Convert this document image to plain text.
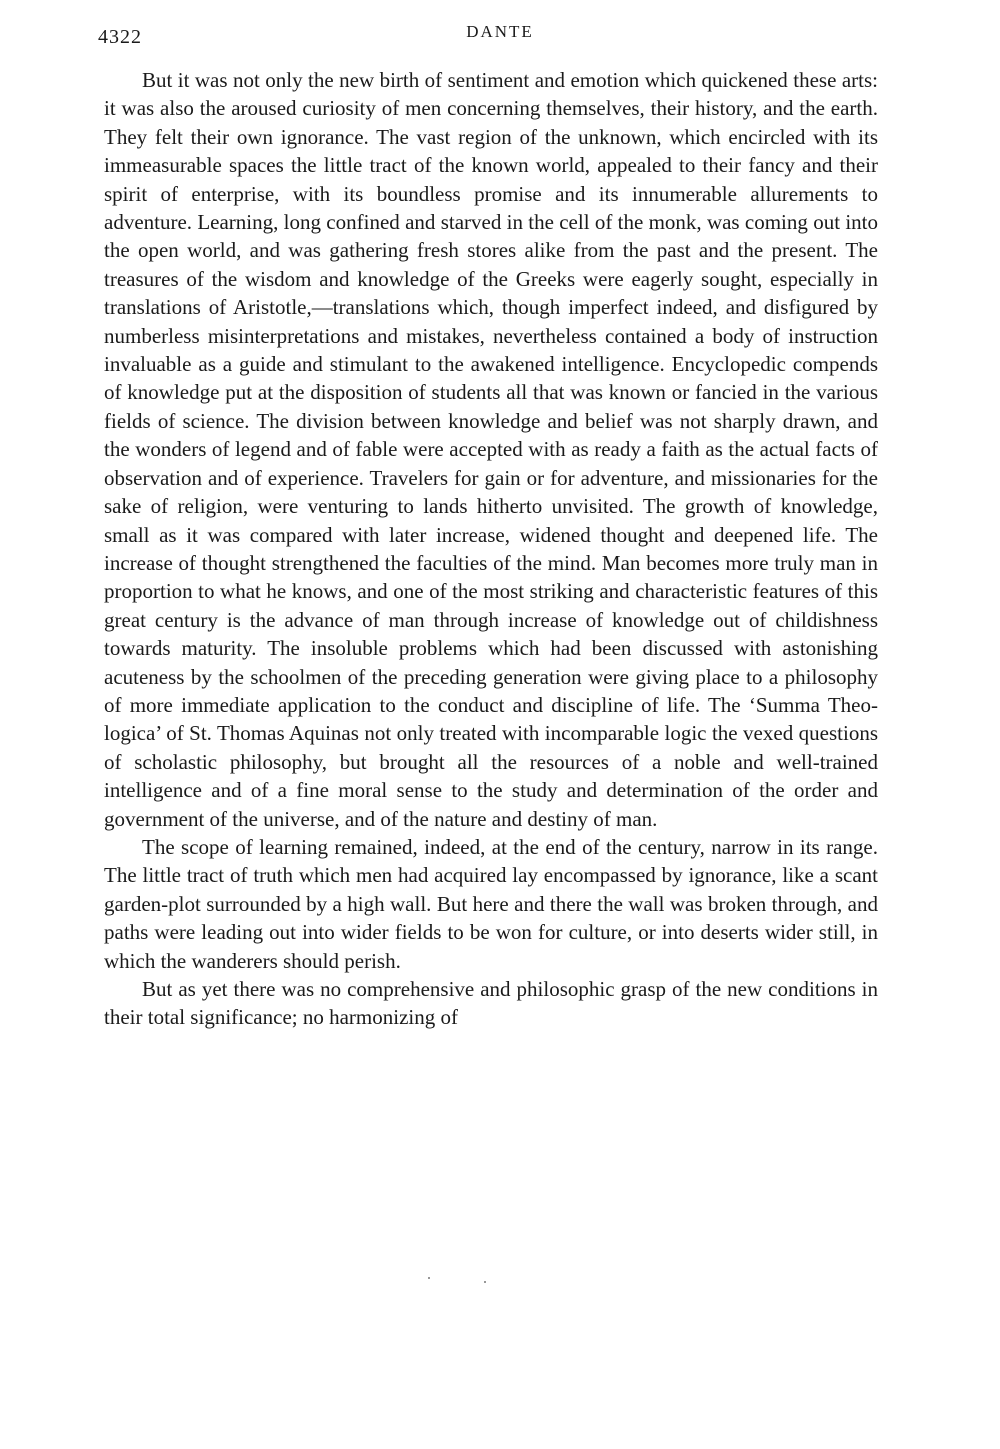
4322	DANTE

But it was not only the new birth of sentiment and emotion which quickened these arts: it was also the aroused curiosity of men concerning themselves, their history, and the earth. They felt their own ignorance. The vast region of the unknown, which encircled with its immeasurable spaces the little tract of the known world, appealed to their fancy and their spirit of enterprise, with its boundless promise and its innumerable allurements to adventure. Learning, long confined and starved in the cell of the monk, was coming out into the open world, and was gathering fresh stores alike from the past and the present. The treasures of the wisdom and knowledge of the Greeks were eagerly sought, especially in translations of Aristotle,—translations which, though imperfect indeed, and disfigured by numberless misinterpretations and mistakes, nevertheless contained a body of instruction invaluable as a guide and stimulant to the awakened intelligence. Encyclopedic compends of knowledge put at the disposition of students all that was known or fancied in the various fields of science. The division between knowledge and belief was not sharply drawn, and the wonders of legend and of fable were accepted with as ready a faith as the actual facts of observation and of experience. Travelers for gain or for adventure, and missionaries for the sake of religion, were venturing to lands hitherto unvisited. The growth of knowledge, small as it was compared with later increase, widened thought and deepened life. The increase of thought strengthened the faculties of the mind. Man becomes more truly man in proportion to what he knows, and one of the most striking and characteristic features of this great century is the advance of man through increase of knowledge out of childishness towards maturity. The insoluble problems which had been discussed with astonishing acuteness by the schoolmen of the preceding generation were giving place to a philosophy of more immediate application to the conduct and discipline of life. The ‘Summa Theologica’ of St. Thomas Aquinas not only treated with incomparable logic the vexed questions of scholastic philosophy, but brought all the resources of a noble and well-trained intelligence and of a fine moral sense to the study and determination of the order and government of the universe, and of the nature and destiny of man.

The scope of learning remained, indeed, at the end of the century, narrow in its range. The little tract of truth which men had acquired lay encompassed by ignorance, like a scant garden-plot surrounded by a high wall. But here and there the wall was broken through, and paths were leading out into wider fields to be won for culture, or into deserts wider still, in which the wanderers should perish.

But as yet there was no comprehensive and philosophic grasp of the new conditions in their total significance; no harmonizing of
